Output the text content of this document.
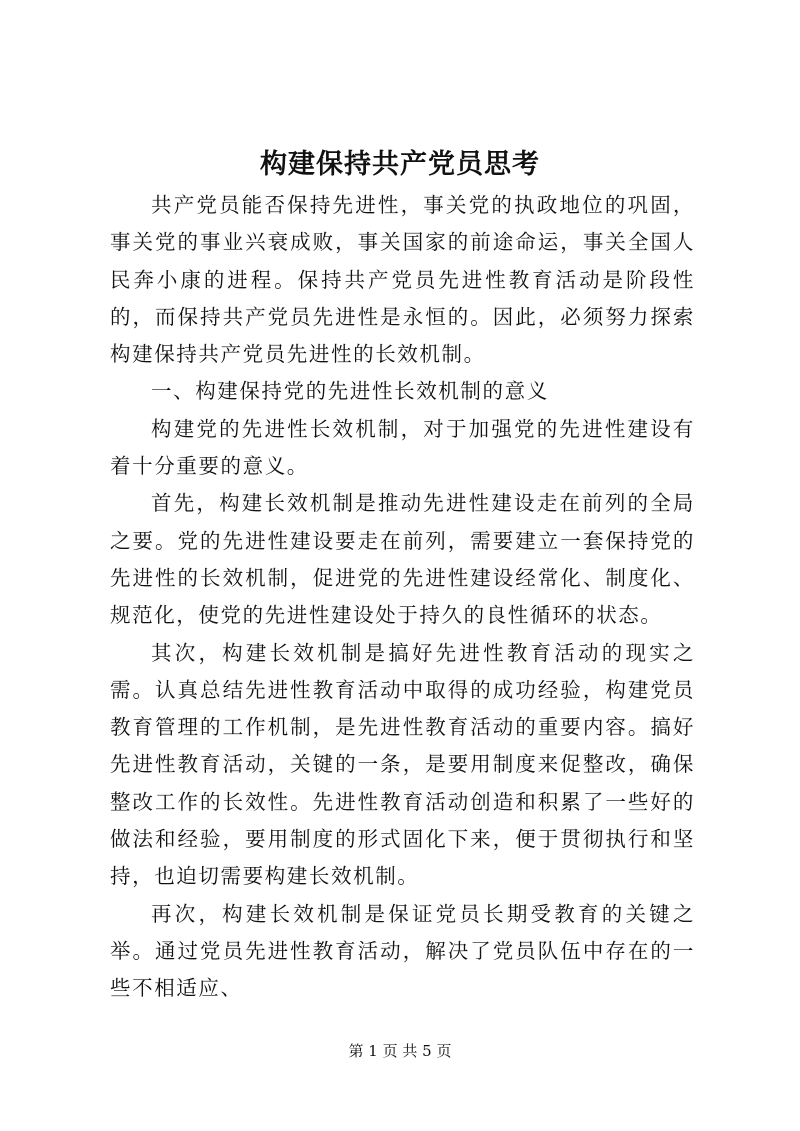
构建保持共产党员思考

共产党员能否保持先进性，事关党的执政地位的巩固，事关党的事业兴衰成败，事关国家的前途命运，事关全国人民奔小康的进程。保持共产党员先进性教育活动是阶段性的，而保持共产党员先进性是永恒的。因此，必须努力探索构建保持共产党员先进性的长效机制。

一、构建保持党的先进性长效机制的意义

构建党的先进性长效机制，对于加强党的先进性建设有着十分重要的意义。

首先，构建长效机制是推动先进性建设走在前列的全局之要。党的先进性建设要走在前列，需要建立一套保持党的先进性的长效机制，促进党的先进性建设经常化、制度化、规范化，使党的先进性建设处于持久的良性循环的状态。

其次，构建长效机制是搞好先进性教育活动的现实之需。认真总结先进性教育活动中取得的成功经验，构建党员教育管理的工作机制，是先进性教育活动的重要内容。搞好先进性教育活动，关键的一条，是要用制度来促整改，确保整改工作的长效性。先进性教育活动创造和积累了一些好的做法和经验，要用制度的形式固化下来，便于贯彻执行和坚持，也迫切需要构建长效机制。

再次，构建长效机制是保证党员长期受教育的关键之举。通过党员先进性教育活动，解决了党员队伍中存在的一些不相适应、

第 1 页 共 5 页
